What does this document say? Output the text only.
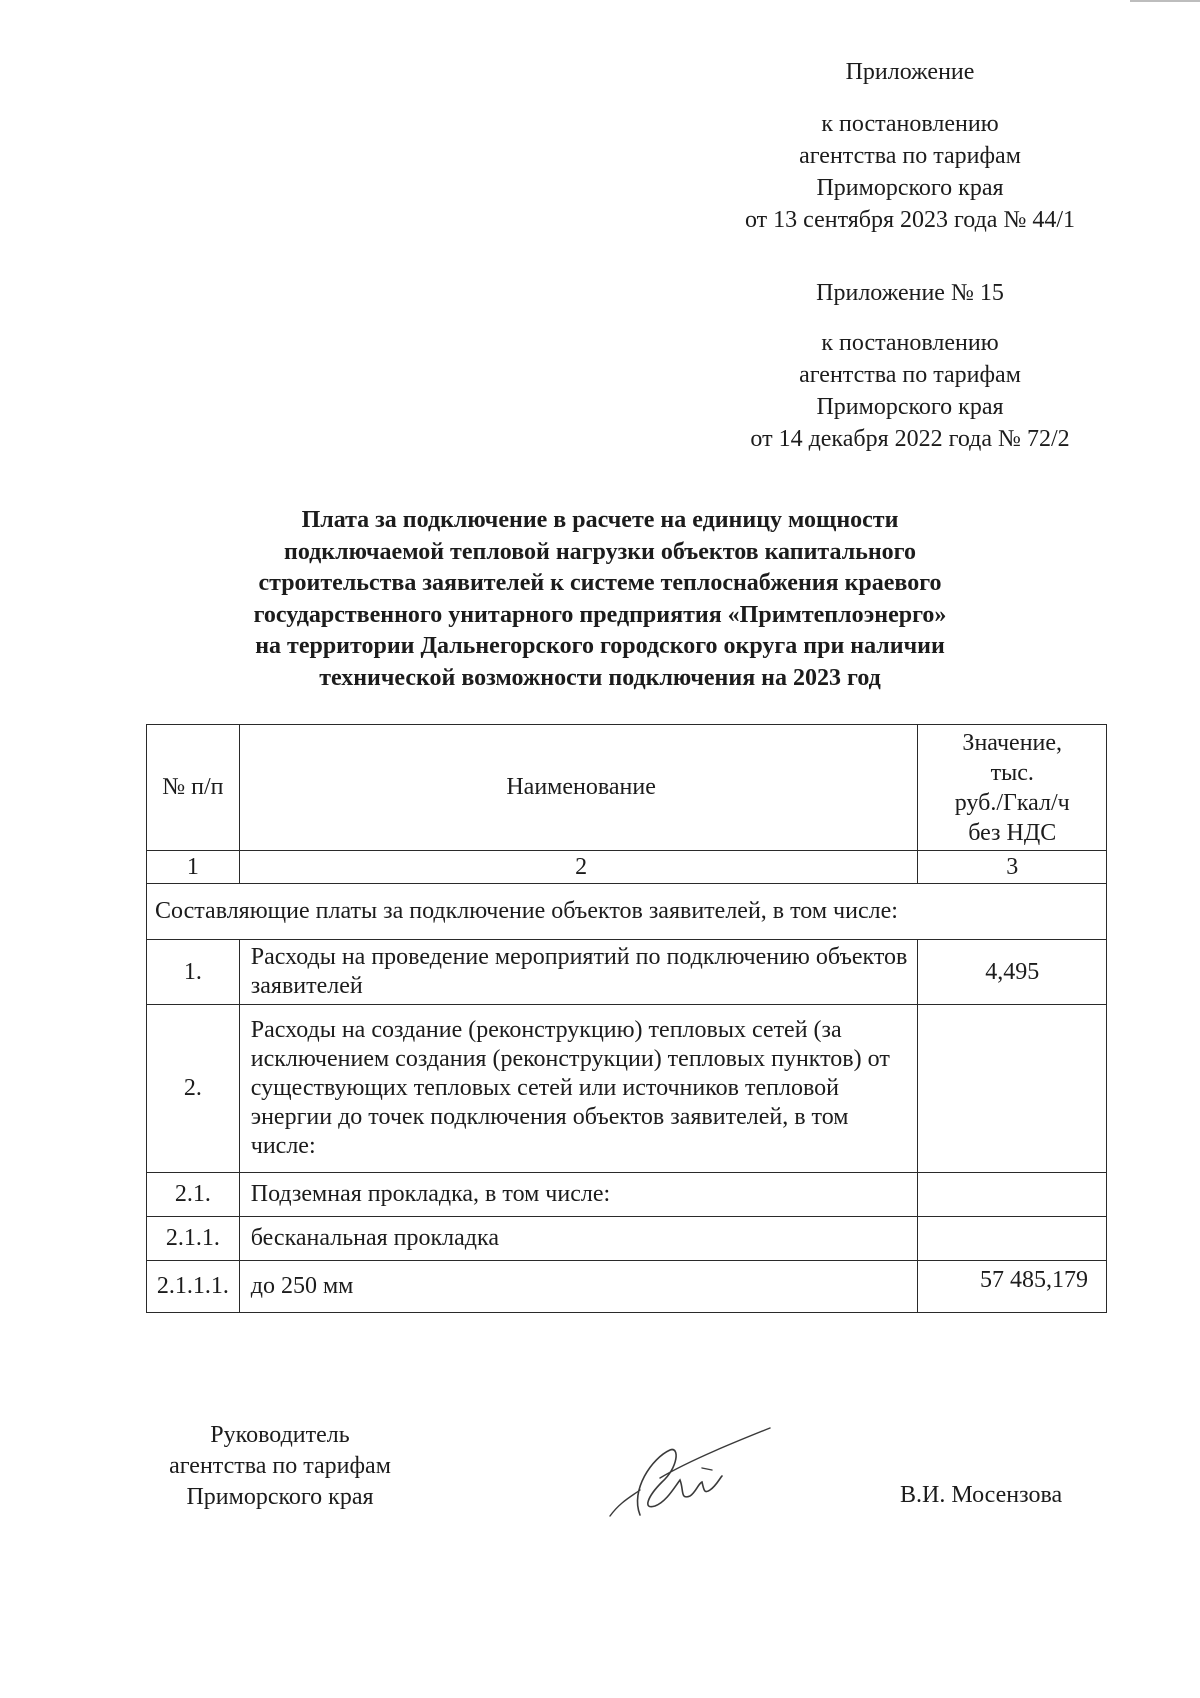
Приложение
к постановлению
агентства по тарифам
Приморского края
от 13 сентября 2023 года № 44/1
Приложение № 15
к постановлению
агентства по тарифам
Приморского края
от 14 декабря 2022 года № 72/2
Плата за подключение в расчете на единицу мощности
подключаемой тепловой нагрузки объектов капитального
строительства заявителей к системе теплоснабжения краевого
государственного унитарного предприятия «Примтеплоэнерго»
на территории Дальнегорского городского округа при наличии
технической возможности подключения на 2023 год
№ п/п	Наименование	Значение,
тыс.
руб./Гкал/ч
без НДС

1	2	3
Составляющие платы за подключение объектов заявителей, в том числе:		
1.	Расходы на проведение мероприятий по подключению объектов заявителей	4,495
2.	Расходы на создание (реконструкцию) тепловых сетей (за исключением создания (реконструкции) тепловых пунктов) от существующих тепловых сетей или источников тепловой энергии до точек подключения объектов заявителей, в том числе:	
2.1.	Подземная прокладка, в том числе:	
2.1.1.	бесканальная прокладка	
2.1.1.1.	до 250 мм	57 485,179
Руководитель
агентства по тарифам
Приморского края	В.И. Мосензова
